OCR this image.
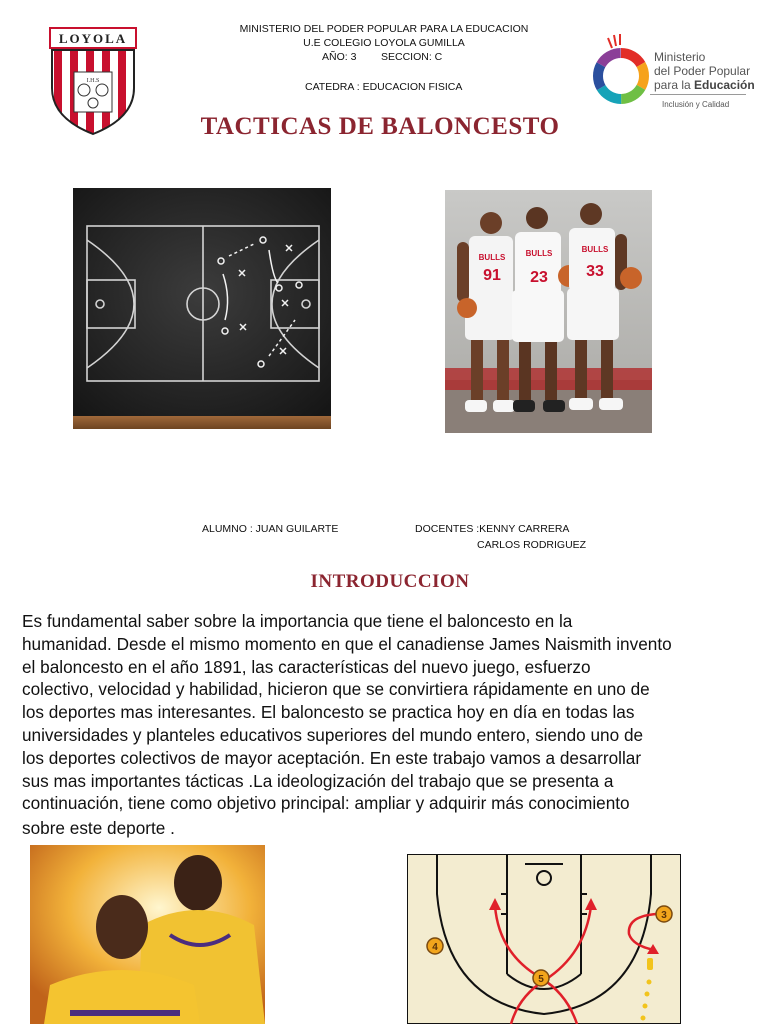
LOYOLA
I.H.S
MINISTERIO DEL PODER POPULAR PARA LA EDUCACION
U.E COLEGIO LOYOLA GUMILLA
AÑO: 3 SECCION: C
CATEDRA : EDUCACION FISICA
Ministerio
del Poder Popular
para la Educación
Inclusión y Calidad
TACTICAS DE BALONCESTO
91
BULLS
23
BULLS
33
BULLS
ALUMNO : JUAN GUILARTE	DOCENTES :KENNY CARRERA
CARLOS RODRIGUEZ
INTRODUCCION
Es fundamental saber sobre la importancia que tiene el baloncesto en la
humanidad. Desde el mismo momento en que el canadiense James Naismith invento
el baloncesto en el año 1891, las características del nuevo juego, esfuerzo
colectivo, velocidad y habilidad, hicieron que se convirtiera rápidamente en uno de
los deportes mas interesantes. El baloncesto se practica hoy en día en todas las
universidades y planteles educativos superiores del mundo entero, siendo uno de
los deportes colectivos de mayor aceptación. En este trabajo vamos a desarrollar
sus mas importantes tácticas .La ideologización del trabajo que se presenta a
continuación, tiene como objetivo principal: ampliar y adquirir más conocimiento
sobre este deporte .
4
3
5
